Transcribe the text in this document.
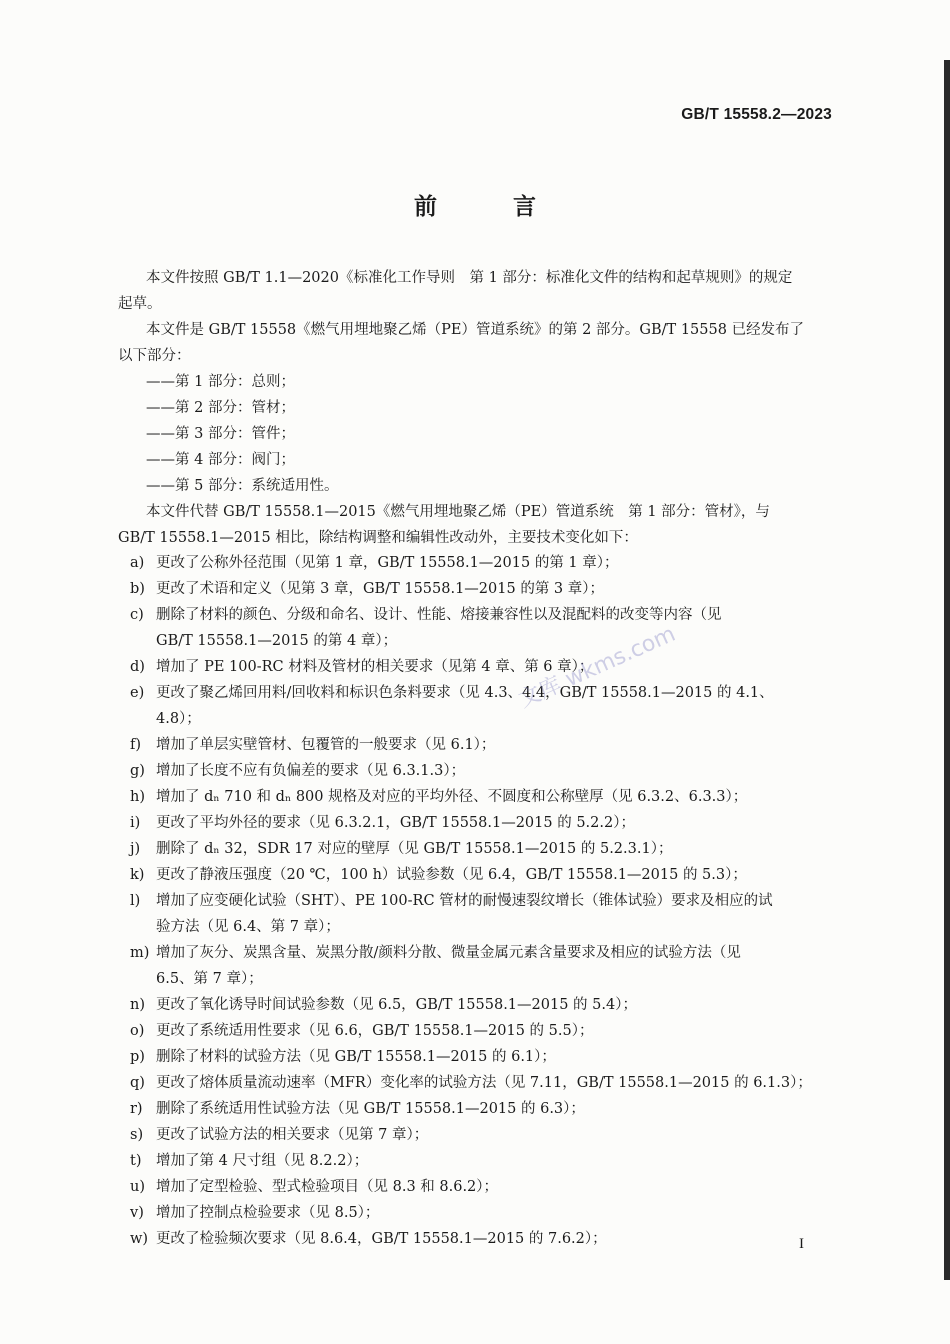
GB/T 15558.2—2023
前 言
本文件按照 GB/T 1.1—2020《标准化工作导则　第 1 部分：标准化文件的结构和起草规则》的规定
起草。
本文件是 GB/T 15558《燃气用埋地聚乙烯（PE）管道系统》的第 2 部分。GB/T 15558 已经发布了
以下部分：
——第 1 部分：总则；
——第 2 部分：管材；
——第 3 部分：管件；
——第 4 部分：阀门；
——第 5 部分：系统适用性。
本文件代替 GB/T 15558.1—2015《燃气用埋地聚乙烯（PE）管道系统　第 1 部分：管材》，与
GB/T 15558.1—2015 相比，除结构调整和编辑性改动外，主要技术变化如下：
a) 更改了公称外径范围（见第 1 章，GB/T 15558.1—2015 的第 1 章）；
b) 更改了术语和定义（见第 3 章，GB/T 15558.1—2015 的第 3 章）；
c) 删除了材料的颜色、分级和命名、设计、性能、熔接兼容性以及混配料的改变等内容（见
GB/T 15558.1—2015 的第 4 章）；
d) 增加了 PE 100-RC 材料及管材的相关要求（见第 4 章、第 6 章）；
e) 更改了聚乙烯回用料/回收料和标识色条料要求（见 4.3、4.4，GB/T 15558.1—2015 的 4.1、
4.8）；
f) 增加了单层实壁管材、包覆管的一般要求（见 6.1）；
g) 增加了长度不应有负偏差的要求（见 6.3.1.3）；
h) 增加了 dₙ 710 和 dₙ 800 规格及对应的平均外径、不圆度和公称壁厚（见 6.3.2、6.3.3）；
i) 更改了平均外径的要求（见 6.3.2.1，GB/T 15558.1—2015 的 5.2.2）；
j) 删除了 dₙ 32，SDR 17 对应的壁厚（见 GB/T 15558.1—2015 的 5.2.3.1）；
k) 更改了静液压强度（20 ℃，100 h）试验参数（见 6.4，GB/T 15558.1—2015 的 5.3）；
l) 增加了应变硬化试验（SHT）、PE 100-RC 管材的耐慢速裂纹增长（锥体试验）要求及相应的试
验方法（见 6.4、第 7 章）；
m) 增加了灰分、炭黑含量、炭黑分散/颜料分散、微量金属元素含量要求及相应的试验方法（见
6.5、第 7 章）；
n) 更改了氧化诱导时间试验参数（见 6.5，GB/T 15558.1—2015 的 5.4）；
o) 更改了系统适用性要求（见 6.6，GB/T 15558.1—2015 的 5.5）；
p) 删除了材料的试验方法（见 GB/T 15558.1—2015 的 6.1）；
q) 更改了熔体质量流动速率（MFR）变化率的试验方法（见 7.11，GB/T 15558.1—2015 的 6.1.3）；
r) 删除了系统适用性试验方法（见 GB/T 15558.1—2015 的 6.3）；
s) 更改了试验方法的相关要求（见第 7 章）；
t) 增加了第 4 尺寸组（见 8.2.2）；
u) 增加了定型检验、型式检验项目（见 8.3 和 8.6.2）；
v) 增加了控制点检验要求（见 8.5）；
w) 更改了检验频次要求（见 8.6.4，GB/T 15558.1—2015 的 7.6.2）；
文库 wkms.com
I
